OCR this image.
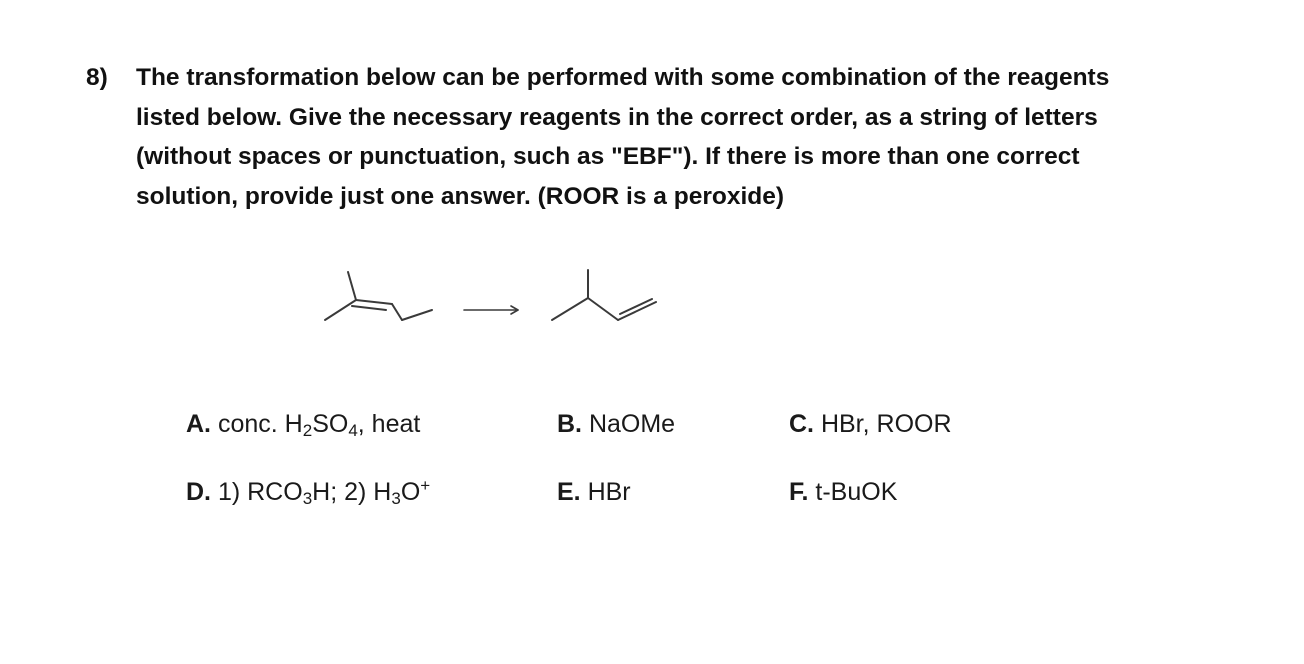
8)	The transformation below can be performed with some combination of the reagents
listed below. Give the necessary reagents in the correct order, as a string of letters
(without spaces or punctuation, such as "EBF"). If there is more than one correct
solution, provide just one answer. (ROOR is a peroxide)
A. conc. $H_2SO_4$, heat	B. NaOMe	C. HBr, ROOR
D. 1) $RCO_3H$; 2) $H_3O^+$	E. HBr	F. t-BuOK
